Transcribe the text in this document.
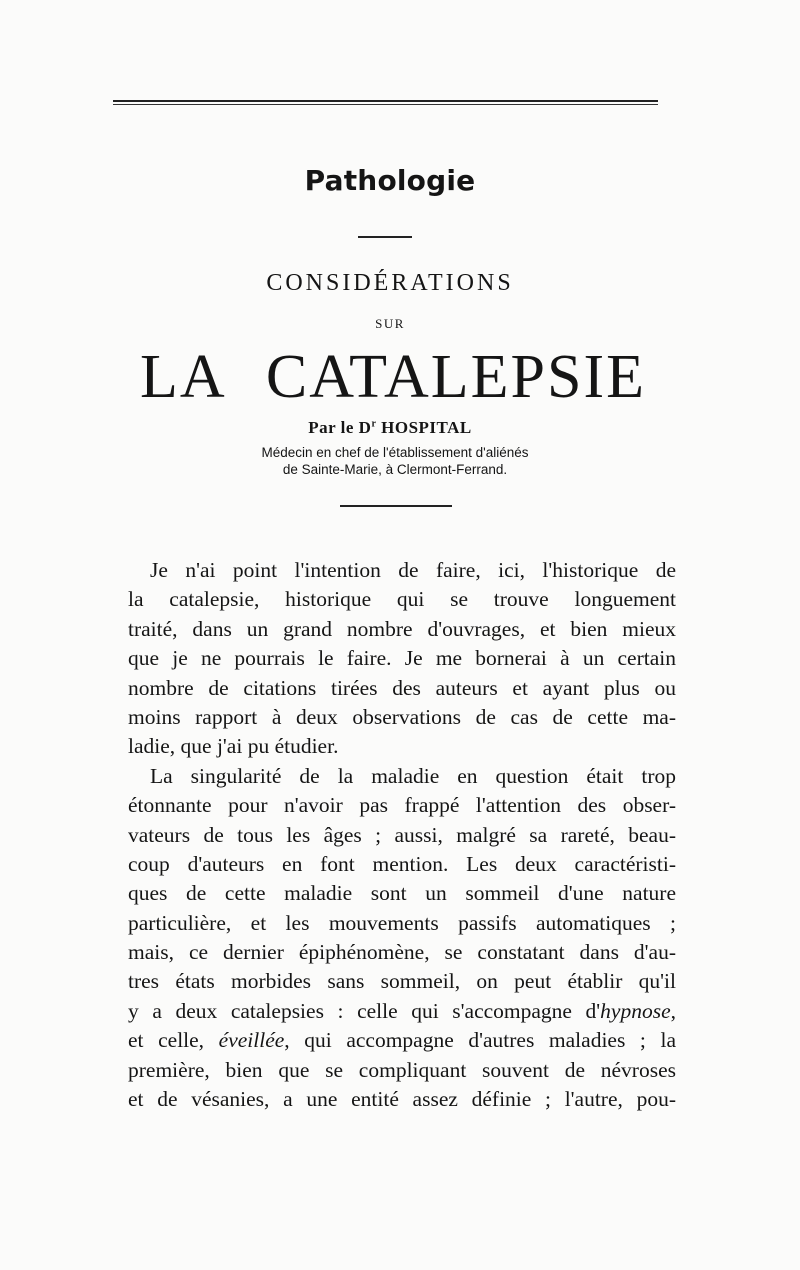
Pathologie
CONSIDÉRATIONS
SUR
LA CATALEPSIE
Par le $D^r$ HOSPITAL
Médecin en chef de l'établissement d'aliénés
de Sainte-Marie, à Clermont-Ferrand.
Je n'ai point l'intention de faire, ici, l'historique de
la catalepsie, historique qui se trouve longuement
traité, dans un grand nombre d'ouvrages, et bien mieux
que je ne pourrais le faire. Je me bornerai à un certain
nombre de citations tirées des auteurs et ayant plus ou
moins rapport à deux observations de cas de cette ma-
ladie, que j'ai pu étudier.
La singularité de la maladie en question était trop
étonnante pour n'avoir pas frappé l'attention des obser-
vateurs de tous les âges ; aussi, malgré sa rareté, beau-
coup d'auteurs en font mention. Les deux caractéristi-
ques de cette maladie sont un sommeil d'une nature
particulière, et les mouvements passifs automatiques ;
mais, ce dernier épiphénomène, se constatant dans d'au-
tres états morbides sans sommeil, on peut établir qu'il
y a deux catalepsies : celle qui s'accompagne d'hypnose,
et celle, éveillée, qui accompagne d'autres maladies ; la
première, bien que se compliquant souvent de névroses
et de vésanies, a une entité assez définie ; l'autre, pou-
